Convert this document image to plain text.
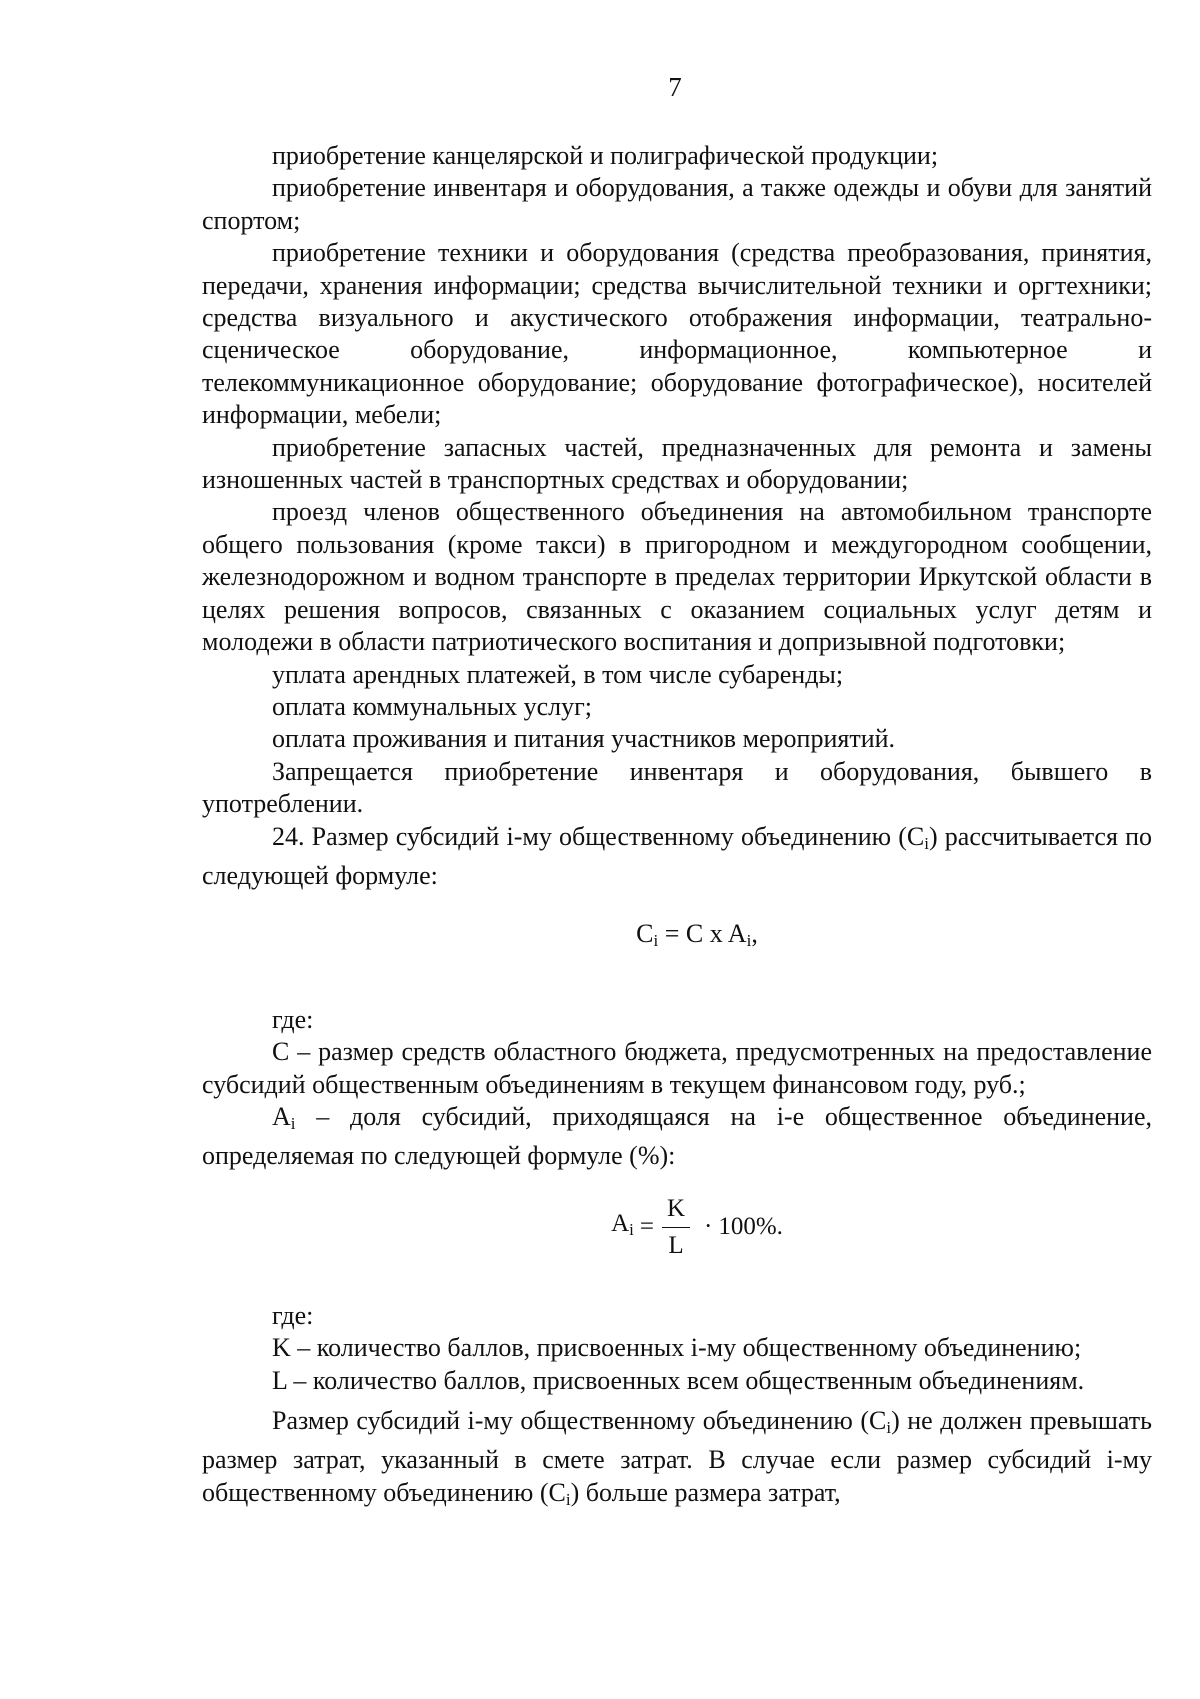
7

приобретение канцелярской и полиграфической продукции;

приобретение инвентаря и оборудования, а также одежды и обуви для занятий спортом;

приобретение техники и оборудования (средства преобразования, принятия, передачи, хранения информации; средства вычислительной техники и оргтехники; средства визуального и акустического отображения информации, театрально-сценическое оборудование, информационное, компьютерное и телекоммуникационное оборудование; оборудование фотографическое), носителей информации, мебели;

приобретение запасных частей, предназначенных для ремонта и замены изношенных частей в транспортных средствах и оборудовании;

проезд членов общественного объединения на автомобильном транспорте общего пользования (кроме такси) в пригородном и междугородном сообщении, железнодорожном и водном транспорте в пределах территории Иркутской области в целях решения вопросов, связанных с оказанием социальных услуг детям и молодежи в области патриотического воспитания и допризывной подготовки;

уплата арендных платежей, в том числе субаренды;

оплата коммунальных услуг;

оплата проживания и питания участников мероприятий.

Запрещается приобретение инвентаря и оборудования, бывшего в употреблении.

24. Размер субсидий i-му общественному объединению $(C_i)$ рассчитывается по следующей формуле:

$C_i = C$ x $A_i$,

где:

C – размер средств областного бюджета, предусмотренных на предоставление субсидий общественным объединениям в текущем финансовом году, руб.;

$A_i$ – доля субсидий, приходящаяся на i-е общественное объединение, определяемая по следующей формуле (%):

$A_i = \frac{K}{L} \cdot 100\%$.

где:

K – количество баллов, присвоенных i-му общественному объединению;

L – количество баллов, присвоенных всем общественным объединениям.

Размер субсидий i-му общественному объединению $(C_i)$ не должен превышать размер затрат, указанный в смете затрат. В случае если размер субсидий i-му общественному объединению $(C_i)$ больше размера затрат,
